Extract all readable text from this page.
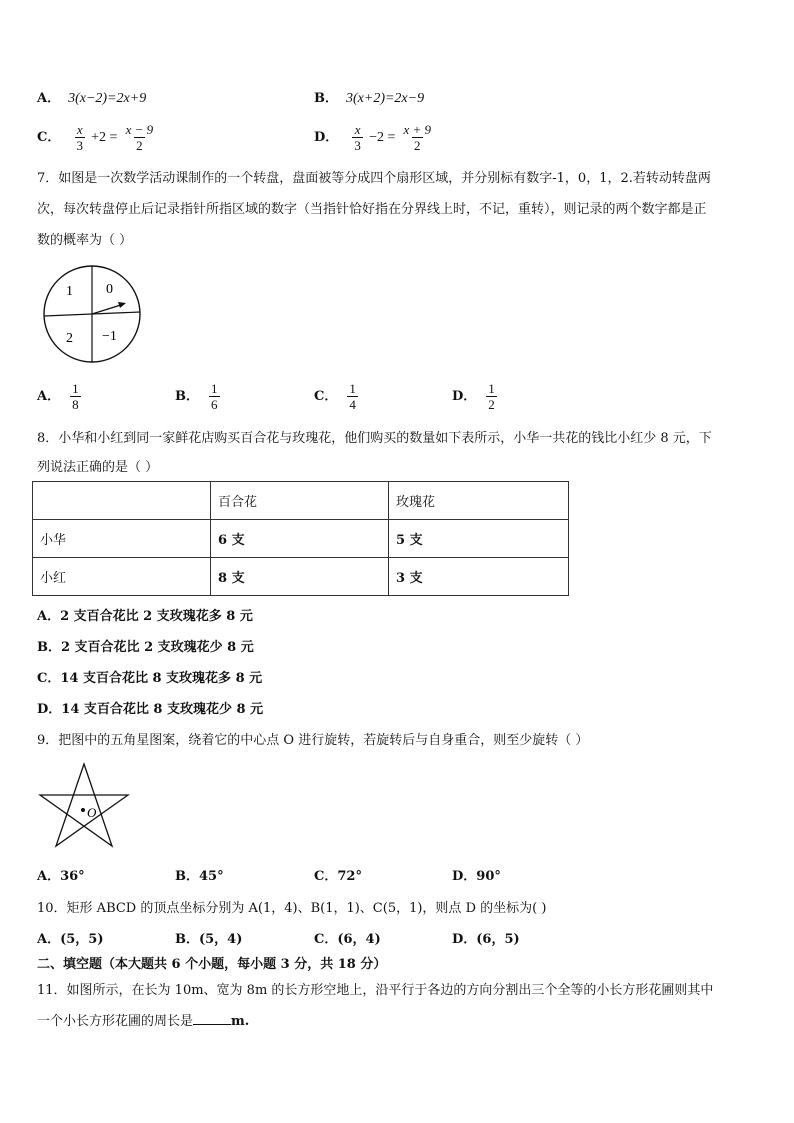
A． 3(x−2)=2x+9	B． 3(x+2)=2x−9
C． $\frac{x}{3} +2 = \frac{x - 9}{2}$	D． $\frac{x}{3} -2 = \frac{x + 9}{2}$
7．如图是一次数学活动课制作的一个转盘，盘面被等分成四个扇形区域，并分别标有数字-1，0，1，2.若转动转盘两
次，每次转盘停止后记录指针所指区域的数字（当指针恰好指在分界线上时，不记，重转），则记录的两个数字都是正
数的概率为（ ）
1 0
2 −1
A． $\frac{1}{8}$	B． $\frac{1}{6}$	C． $\frac{1}{4}$	D． $\frac{1}{2}$
8．小华和小红到同一家鲜花店购买百合花与玫瑰花，他们购买的数量如下表所示，小华一共花的钱比小红少 8 元，下
列说法正确的是（ ）
	百合花	玫瑰花
小华	6 支	5 支
小红	8 支	3 支
A．2 支百合花比 2 支玫瑰花多 8 元
B．2 支百合花比 2 支玫瑰花少 8 元
C．14 支百合花比 8 支玫瑰花多 8 元
D．14 支百合花比 8 支玫瑰花少 8 元
9．把图中的五角星图案，绕着它的中心点 O 进行旋转，若旋转后与自身重合，则至少旋转（ ）
O
A．36°	B．45°	C．72°	D．90°
10．矩形 ABCD 的顶点坐标分别为 A(1，4)、B(1，1)、C(5，1)，则点 D 的坐标为( )
A．(5，5)	B．(5，4)	C．(6，4)	D．(6，5)
二、填空题（本大题共 6 个小题，每小题 3 分，共 18 分）
11．如图所示，在长为 10m、宽为 8m 的长方形空地上，沿平行于各边的方向分割出三个全等的小长方形花圃则其中
一个小长方形花圃的周长是	m.
